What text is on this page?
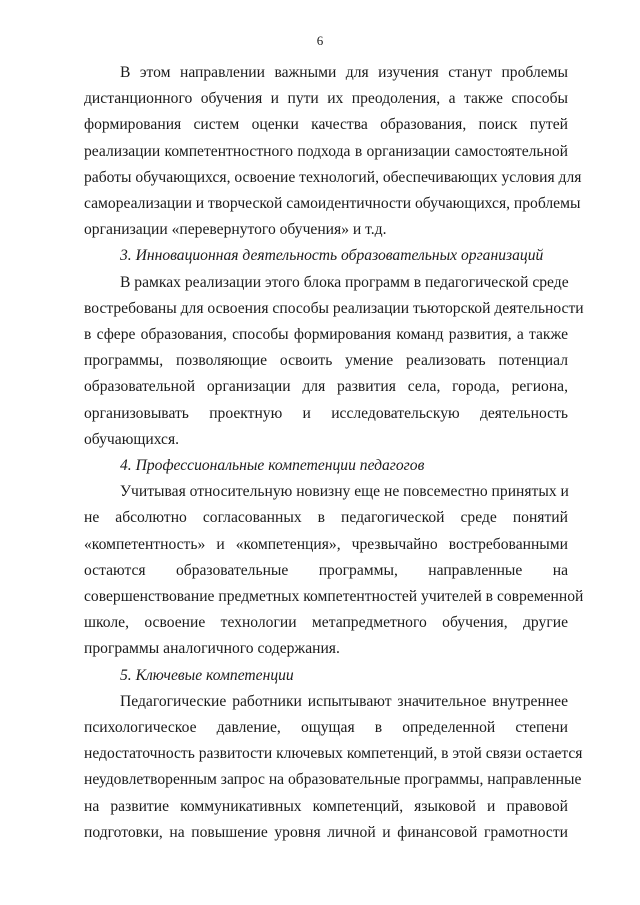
6

В этом направлении важными для изучения станут проблемы
дистанционного обучения и пути их преодоления, а также способы
формирования систем оценки качества образования, поиск путей
реализации компетентностного подхода в организации самостоятельной
работы обучающихся, освоение технологий, обеспечивающих условия для
самореализации и творческой самоидентичности обучающихся, проблемы
организации «перевернутого обучения» и т.д.

3. Инновационная деятельность образовательных организаций

В рамках реализации этого блока программ в педагогической среде
востребованы для освоения способы реализации тьюторской деятельности
в сфере образования, способы формирования команд развития, а также
программы, позволяющие освоить умение реализовать потенциал
образовательной организации для развития села, города, региона,
организовывать проектную и исследовательскую деятельность
обучающихся.

4. Профессиональные компетенции педагогов

Учитывая относительную новизну еще не повсеместно принятых и
не абсолютно согласованных в педагогической среде понятий
«компетентность» и «компетенция», чрезвычайно востребованными
остаются образовательные программы, направленные на
совершенствование предметных компетентностей учителей в современной
школе, освоение технологии метапредметного обучения, другие
программы аналогичного содержания.

5. Ключевые компетенции

Педагогические работники испытывают значительное внутреннее
психологическое давление, ощущая в определенной степени
недостаточность развитости ключевых компетенций, в этой связи остается
неудовлетворенным запрос на образовательные программы, направленные
на развитие коммуникативных компетенций, языковой и правовой
подготовки, на повышение уровня личной и финансовой грамотности
